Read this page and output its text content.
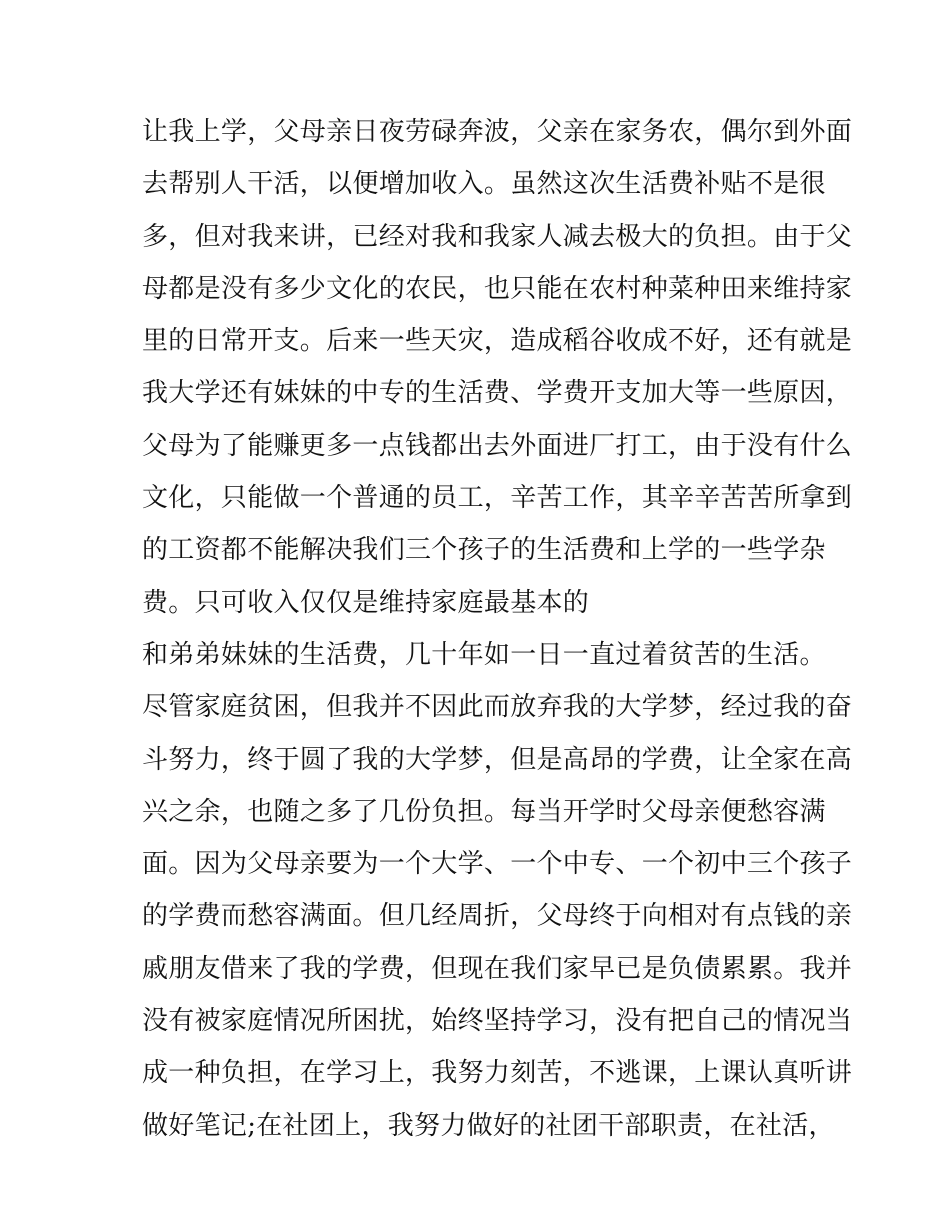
让我上学，父母亲日夜劳碌奔波，父亲在家务农，偶尔到外面
去帮别人干活，以便增加收入。虽然这次生活费补贴不是很
多，但对我来讲，已经对我和我家人减去极大的负担。由于父
母都是没有多少文化的农民，也只能在农村种菜种田来维持家
里的日常开支。后来一些天灾，造成稻谷收成不好，还有就是
我大学还有妹妹的中专的生活费、学费开支加大等一些原因，
父母为了能赚更多一点钱都出去外面进厂打工，由于没有什么
文化，只能做一个普通的员工，辛苦工作，其辛辛苦苦所拿到
的工资都不能解决我们三个孩子的生活费和上学的一些学杂
费。只可收入仅仅是维持家庭最基本的
和弟弟妹妹的生活费，几十年如一日一直过着贫苦的生活。
尽管家庭贫困，但我并不因此而放弃我的大学梦，经过我的奋
斗努力，终于圆了我的大学梦，但是高昂的学费，让全家在高
兴之余，也随之多了几份负担。每当开学时父母亲便愁容满
面。因为父母亲要为一个大学、一个中专、一个初中三个孩子
的学费而愁容满面。但几经周折，父母终于向相对有点钱的亲
戚朋友借来了我的学费，但现在我们家早已是负债累累。我并
没有被家庭情况所困扰，始终坚持学习，没有把自己的情况当
成一种负担，在学习上，我努力刻苦，不逃课，上课认真听讲
做好笔记;在社团上，我努力做好的社团干部职责，在社活，
